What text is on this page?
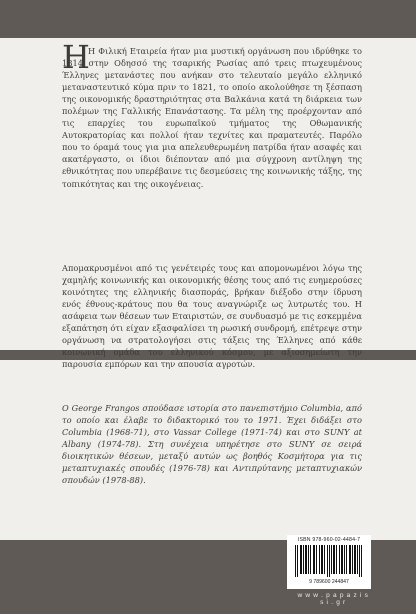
Η
Η Φιλική Εταιρεία ήταν μια μυστική οργάνωση που ιδρύθηκε το 1814 στην Οδησσό της τσαρικής Ρωσίας από τρεις πτωχευμένους Έλληνες μετανάστες που ανήκαν στο τελευταίο μεγάλο ελληνικό μεταναστευτικό κύμα πριν το 1821, το οποίο ακολούθησε τη ξέσπαση της οικονομικής δραστηριότητας στα Βαλκάνια κατά τη διάρκεια των πολέμων της Γαλλικής Επανάστασης. Τα μέλη της προέρχονταν από τις επαρχίες του ευρωπαϊκού τμήματος της Οθωμανικής Αυτοκρατορίας και πολλοί ήταν τεχνίτες και πραματευτές. Παρόλο που το όραμά τους για μια απελευθερωμένη πατρίδα ήταν ασαφές και ακατέργαστο, οι ίδιοι διέπονταν από μια σύγχρονη αντίληψη της εθνικότητας που υπερέβαινε τις δεσμεύσεις της κοινωνικής τάξης, της τοπικότητας και της οικογένειας.
Απομακρυσμένοι από τις γενέτειρές τους και απομονωμένοι λόγω της χαμηλής κοινωνικής και οικονομικής θέσης τους από τις ευημερούσες κοινότητες της ελληνικής διασποράς, βρήκαν διέξοδο στην ίδρυση ενός έθνους-κράτους που θα τους αναγνώριζε ως λυτρωτές του. Η ασάφεια των θέσεων των Εταιριστών, σε συνδυασμό με τις εσκεμμένα εξαπάτηση ότι είχαν εξασφαλίσει τη ρωσική συνδρομή, επέτρεψε στην οργάνωση να στρατολογήσει στις τάξεις της Έλληνες από κάθε κοινωνική ομάδα του ελληνικού κόσμου, με αξιοσημείωτη την παρουσία εμπόρων και την απουσία αγροτών.
Ο George Frangos σπούδασε ιστορία στο πανεπιστήμιο Columbia, από το οποίο και έλαβε το διδακτορικό του το 1971. Έχει διδάξει στο Columbia (1968-71), στο Vassar College (1971-74) και στο SUNY at Albany (1974-78). Στη συνέχεια υπηρέτησε στο SUNY σε σειρά διοικητικών θέσεων, μεταξύ αυτών ως βοηθός Κοσμήτορα για τις μεταπτυχιακές σπουδές (1976-78) και Αντιπρύτανης μεταπτυχιακών σπουδών (1978-88).
ISBN 978-960-02-4484-7
9 789600 244847
w w w . p a p a z i s s i . g r
